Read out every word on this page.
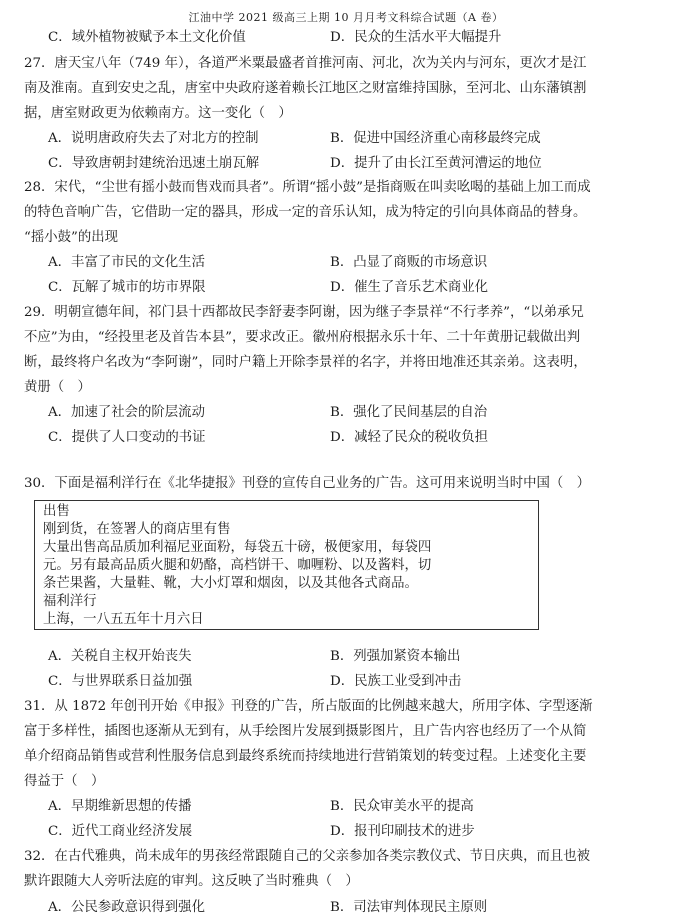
江油中学 2021 级高三上期 10 月月考文科综合试题（A 卷）
C．域外植物被赋予本土文化价值	D．民众的生活水平大幅提升
27．唐天宝八年（749 年），各道严米粟最盛者首推河南、河北，次为关内与河东，更次才是江
南及淮南。直到安史之乱，唐室中央政府遂着赖长江地区之财富维持国脉，至河北、山东藩镇割
据，唐室财政更为依赖南方。这一变化（　）
A．说明唐政府失去了对北方的控制	B．促进中国经济重心南移最终完成
C．导致唐朝封建统治迅速土崩瓦解	D．提升了由长江至黄河漕运的地位
28．宋代，“尘世有摇小鼓而售戏而具者”。所谓“摇小鼓”是指商贩在叫卖吆喝的基础上加工而成
的特色音响广告，它借助一定的器具，形成一定的音乐认知，成为特定的引向具体商品的替身。
“摇小鼓”的出现
A．丰富了市民的文化生活	B．凸显了商贩的市场意识
C．瓦解了城市的坊市界限	D．催生了音乐艺术商业化
29．明朝宣德年间，祁门县十西都故民李舒妻李阿谢，因为继子李景祥“不行孝养”，“以弟承兄
不应”为由，“经投里老及首告本县”，要求改正。徽州府根据永乐十年、二十年黄册记载做出判
断，最终将户名改为“李阿谢”，同时户籍上开除李景祥的名字，并将田地准还其亲弟。这表明，
黄册（　）
A．加速了社会的阶层流动	B．强化了民间基层的自治
C．提供了人口变动的书证	D．减轻了民众的税收负担
30．下面是福利洋行在《北华捷报》刊登的宣传自己业务的广告。这可用来说明当时中国（　）
出售
刚到货，在签署人的商店里有售
大量出售高品质加利福尼亚面粉，每袋五十磅，极便家用，每袋四
元。另有最高品质火腿和奶酪，高档饼干、咖喱粉、以及酱料，切
条芒果酱，大量鞋、靴，大小灯罩和烟囱，以及其他各式商品。
福利洋行
上海，一八五五年十月六日
A．关税自主权开始丧失	B．列强加紧资本输出
C．与世界联系日益加强	D．民族工业受到冲击
31．从 1872 年创刊开始《申报》刊登的广告，所占版面的比例越来越大，所用字体、字型逐渐
富于多样性，插图也逐渐从无到有，从手绘图片发展到摄影图片，且广告内容也经历了一个从简
单介绍商品销售或营利性服务信息到最终系统而持续地进行营销策划的转变过程。上述变化主要
得益于（　）
A．早期维新思想的传播	B．民众审美水平的提高
C．近代工商业经济发展	D．报刊印刷技术的进步
32．在古代雅典，尚未成年的男孩经常跟随自己的父亲参加各类宗教仪式、节日庆典，而且也被
默许跟随大人旁听法庭的审判。这反映了当时雅典（　）
A．公民参政意识得到强化	B．司法审判体现民主原则
